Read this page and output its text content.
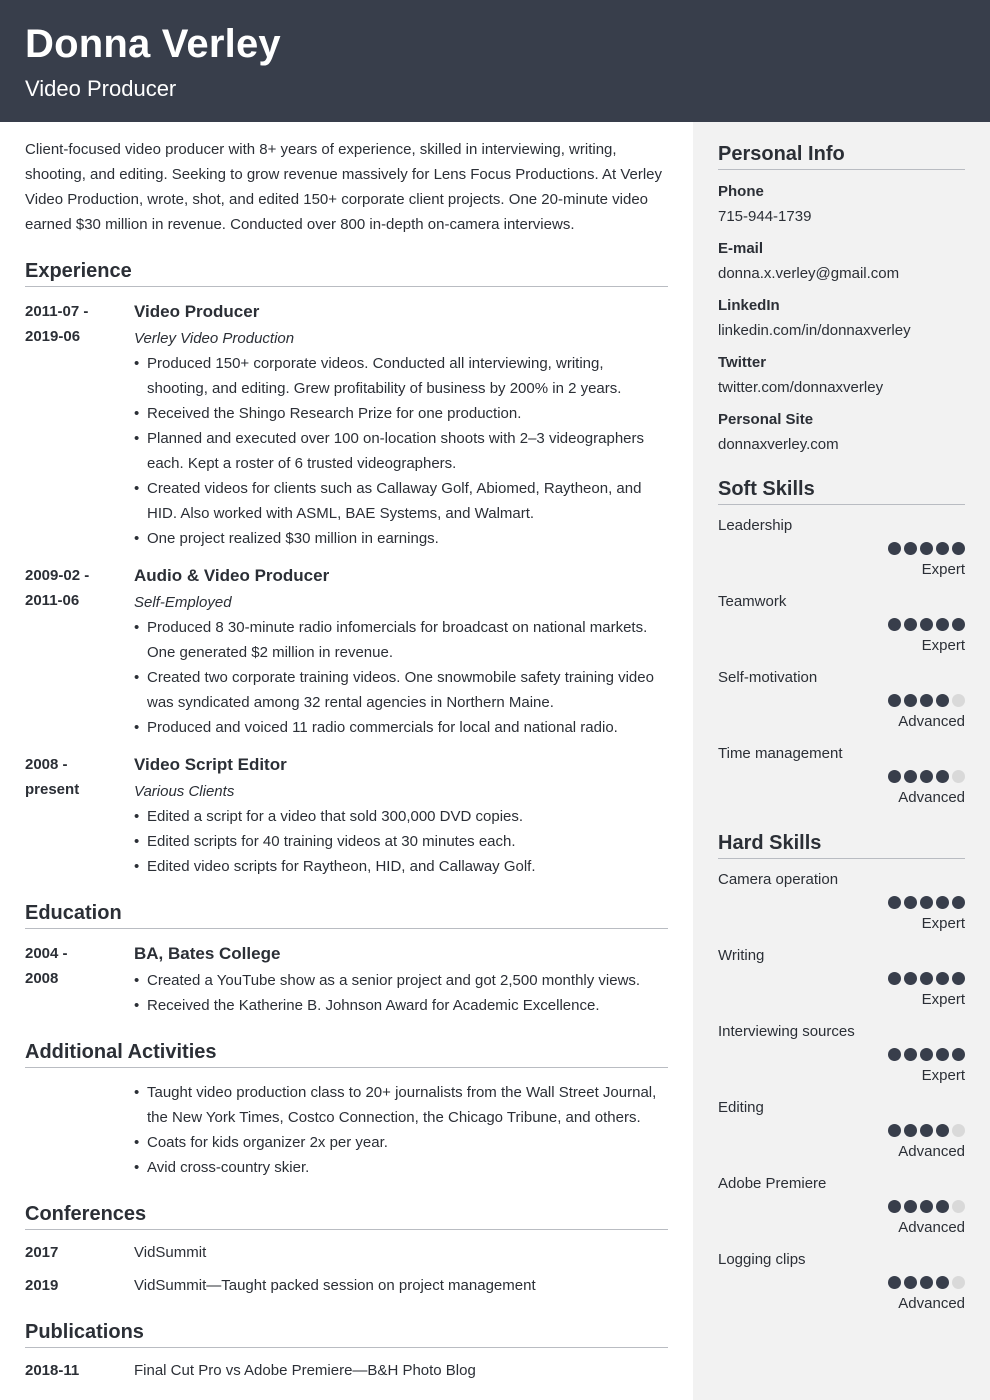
Donna Verley
Video Producer

Client-focused video producer with 8+ years of experience, skilled in interviewing, writing, shooting, and editing. Seeking to grow revenue massively for Lens Focus Productions. At Verley Video Production, wrote, shot, and edited 150+ corporate client projects. One 20-minute video earned $30 million in revenue. Conducted over 800 in-depth on-camera interviews.

Experience
2011-07 -
2019-06
Video Producer
Verley Video Production
• Produced 150+ corporate videos. Conducted all interviewing, writing, shooting, and editing. Grew profitability of business by 200% in 2 years.
• Received the Shingo Research Prize for one production.
• Planned and executed over 100 on-location shoots with 2–3 videographers each. Kept a roster of 6 trusted videographers.
• Created videos for clients such as Callaway Golf, Abiomed, Raytheon, and HID. Also worked with ASML, BAE Systems, and Walmart.
• One project realized $30 million in earnings.
2009-02 -
2011-06
Audio & Video Producer
Self-Employed
• Produced 8 30-minute radio infomercials for broadcast on national markets. One generated $2 million in revenue.
• Created two corporate training videos. One snowmobile safety training video was syndicated among 32 rental agencies in Northern Maine.
• Produced and voiced 11 radio commercials for local and national radio.
2008 -
present
Video Script Editor
Various Clients
• Edited a script for a video that sold 300,000 DVD copies.
• Edited scripts for 40 training videos at 30 minutes each.
• Edited video scripts for Raytheon, HID, and Callaway Golf.
Education
2004 -
2008
BA, Bates College
• Created a YouTube show as a senior project and got 2,500 monthly views.
• Received the Katherine B. Johnson Award for Academic Excellence.
Additional Activities
• Taught video production class to 20+ journalists from the Wall Street Journal, the New York Times, Costco Connection, the Chicago Tribune, and others.
• Coats for kids organizer 2x per year.
• Avid cross-country skier.
Conferences
2017	VidSummit
2019	VidSummit—Taught packed session on project management
Publications
2018-11	Final Cut Pro vs Adobe Premiere—B&H Photo Blog
Personal Info
Phone
715-944-1739
E-mail
donna.x.verley@gmail.com
LinkedIn
linkedin.com/in/donnaxverley
Twitter
twitter.com/donnaxverley
Personal Site
donnaxverley.com
Soft Skills
Leadership
Expert
Teamwork
Expert
Self-motivation
Advanced
Time management
Advanced
Hard Skills
Camera operation
Expert
Writing
Expert
Interviewing sources
Expert
Editing
Advanced
Adobe Premiere
Advanced
Logging clips
Advanced
